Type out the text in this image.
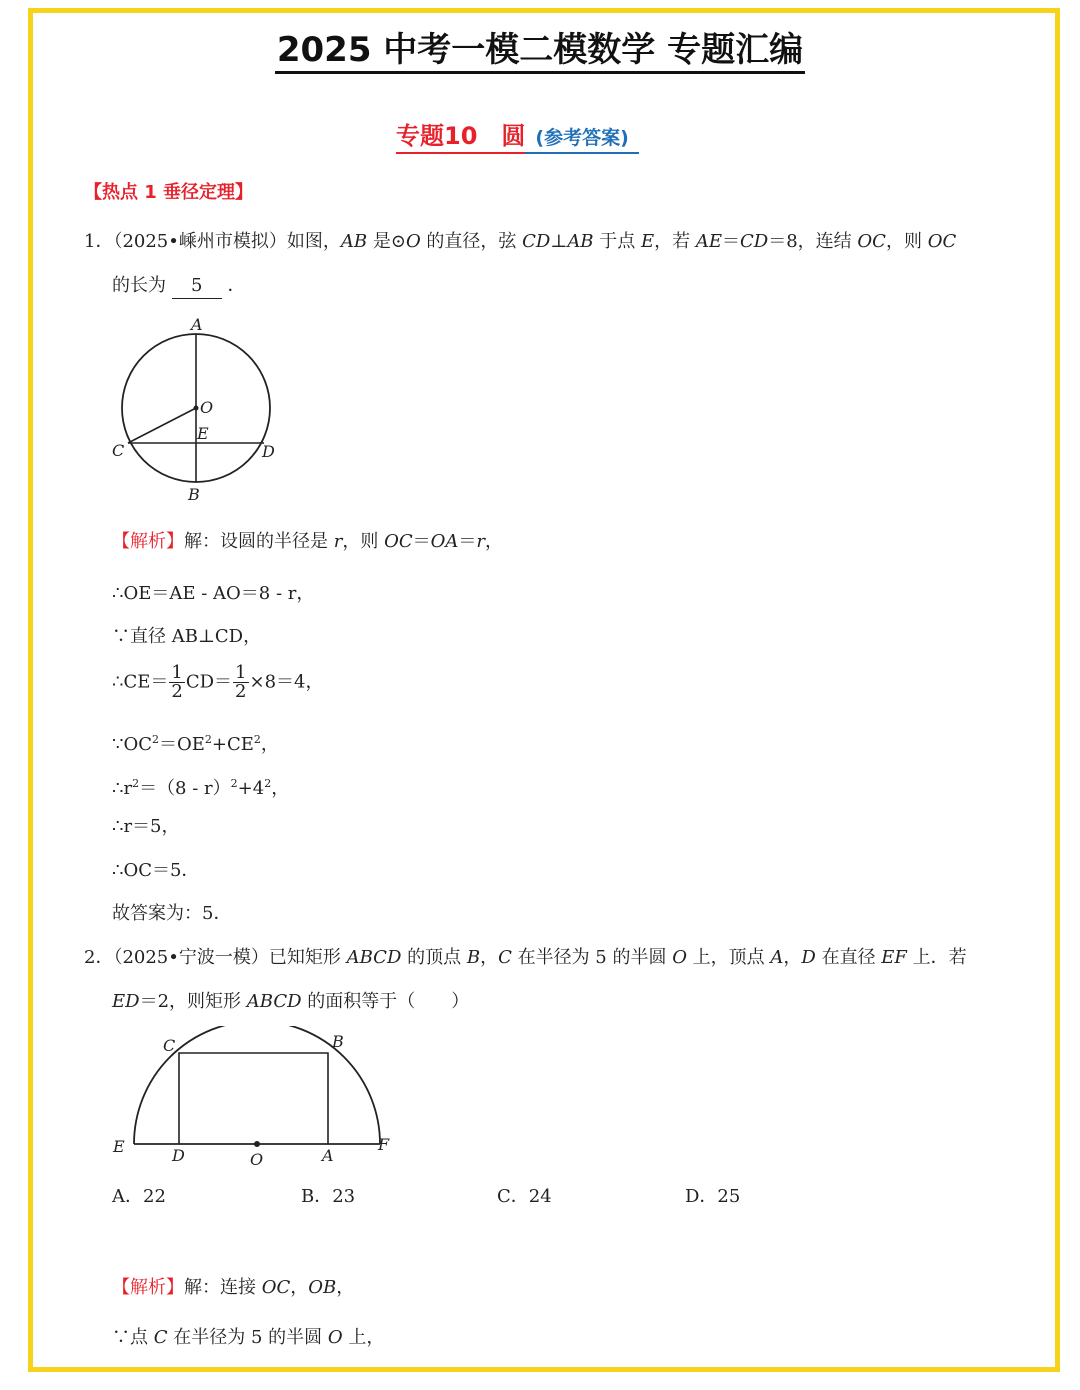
2025 中考一模二模数学 专题汇编
专题10　圆 (参考答案)
【热点 1 垂径定理】
1．（2025•嵊州市模拟）如图，AB 是⊙O 的直径，弦 CD⊥AB 于点 E，若 AE＝CD＝8，连结 OC，则 OC
的长为 5 ．
A
O
E
C	D
B
【解析】解：设圆的半径是 r，则 OC＝OA＝r，
∴OE＝AE - AO＝8 - r，
∵直径 AB⊥CD，
∴CE＝ $\frac{1}{2} CD= \frac{1}{2} \times 8=4$，
$\because OC^2=OE^2+CE^2$，
$\therefore r^2=(8 - r)^2+4^2$，
∴r＝5，
∴OC＝5．
故答案为：5．
2．（2025•宁波一模）已知矩形 ABCD 的顶点 B，C 在半径为 5 的半圆 O 上，顶点 A，D 在直径 EF 上．若
ED＝2，则矩形 ABCD 的面积等于（　　）
C	B
E	D	O	A
F
A．22	B．23	C．24	D．25
【解析】解：连接 OC，OB，
∵点 C 在半径为 5 的半圆 O 上，
